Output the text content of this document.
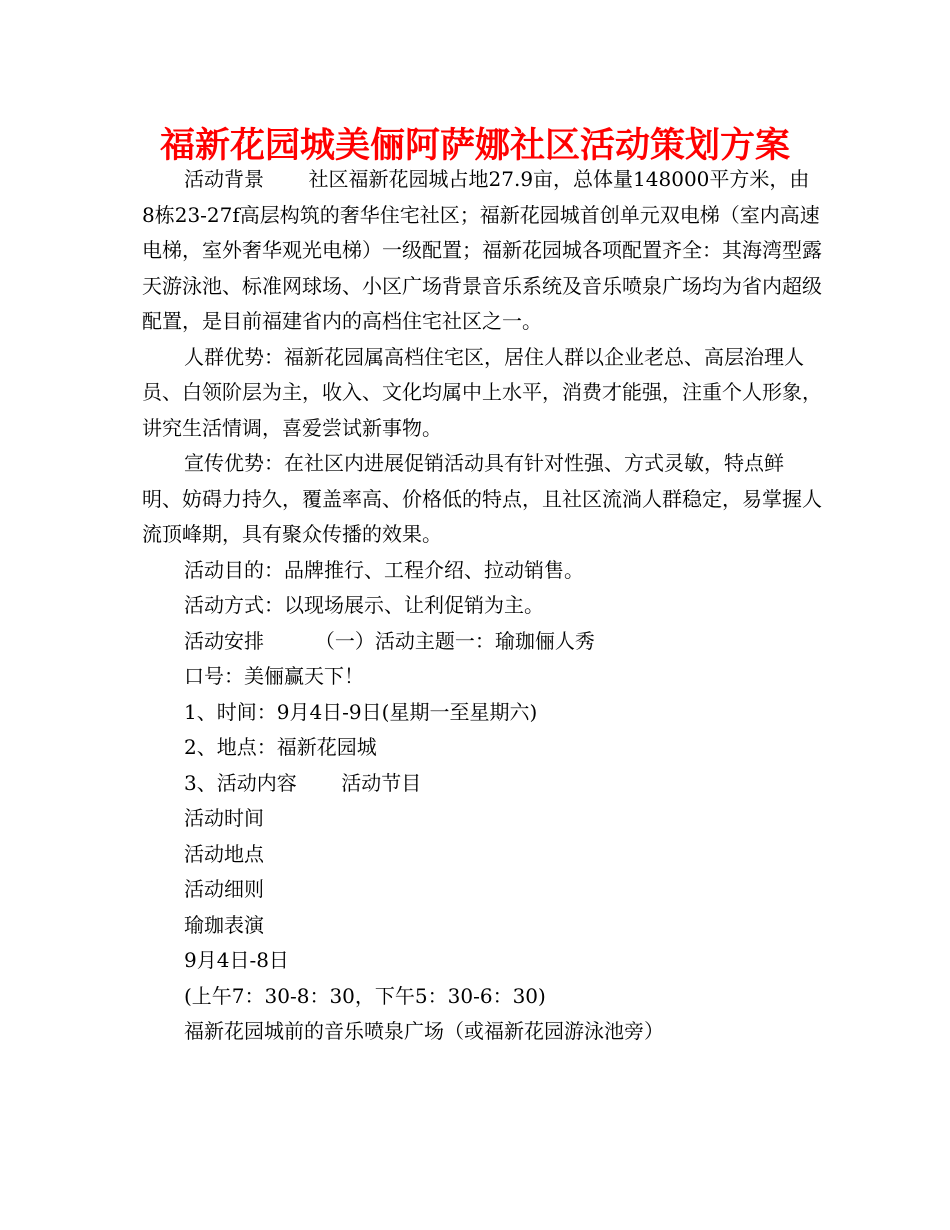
福新花园城美俪阿萨娜社区活动策划方案

活动背景 社区福新花园城占地27.9亩，总体量148000平方米，由8栋23-27f高层构筑的奢华住宅社区；福新花园城首创单元双电梯（室内高速电梯，室外奢华观光电梯）一级配置；福新花园城各项配置齐全：其海湾型露天游泳池、标准网球场、小区广场背景音乐系统及音乐喷泉广场均为省内超级配置，是目前福建省内的高档住宅社区之一。

人群优势：福新花园属高档住宅区，居住人群以企业老总、高层治理人员、白领阶层为主，收入、文化均属中上水平，消费才能强，注重个人形象，讲究生活情调，喜爱尝试新事物。

宣传优势：在社区内进展促销活动具有针对性强、方式灵敏，特点鲜明、妨碍力持久，覆盖率高、价格低的特点，且社区流淌人群稳定，易掌握人流顶峰期，具有聚众传播的效果。

活动目的：品牌推行、工程介绍、拉动销售。

活动方式：以现场展示、让利促销为主。

活动安排	（一）活动主题一：瑜珈俪人秀

口号：美俪赢天下！

1、时间：9月4日-9日(星期一至星期六)

2、地点：福新花园城

3、活动内容 活动节目

活动时间

活动地点

活动细则

瑜珈表演

9月4日-8日

(上午7：30-8：30，下午5：30-6：30)

福新花园城前的音乐喷泉广场（或福新花园游泳池旁）
